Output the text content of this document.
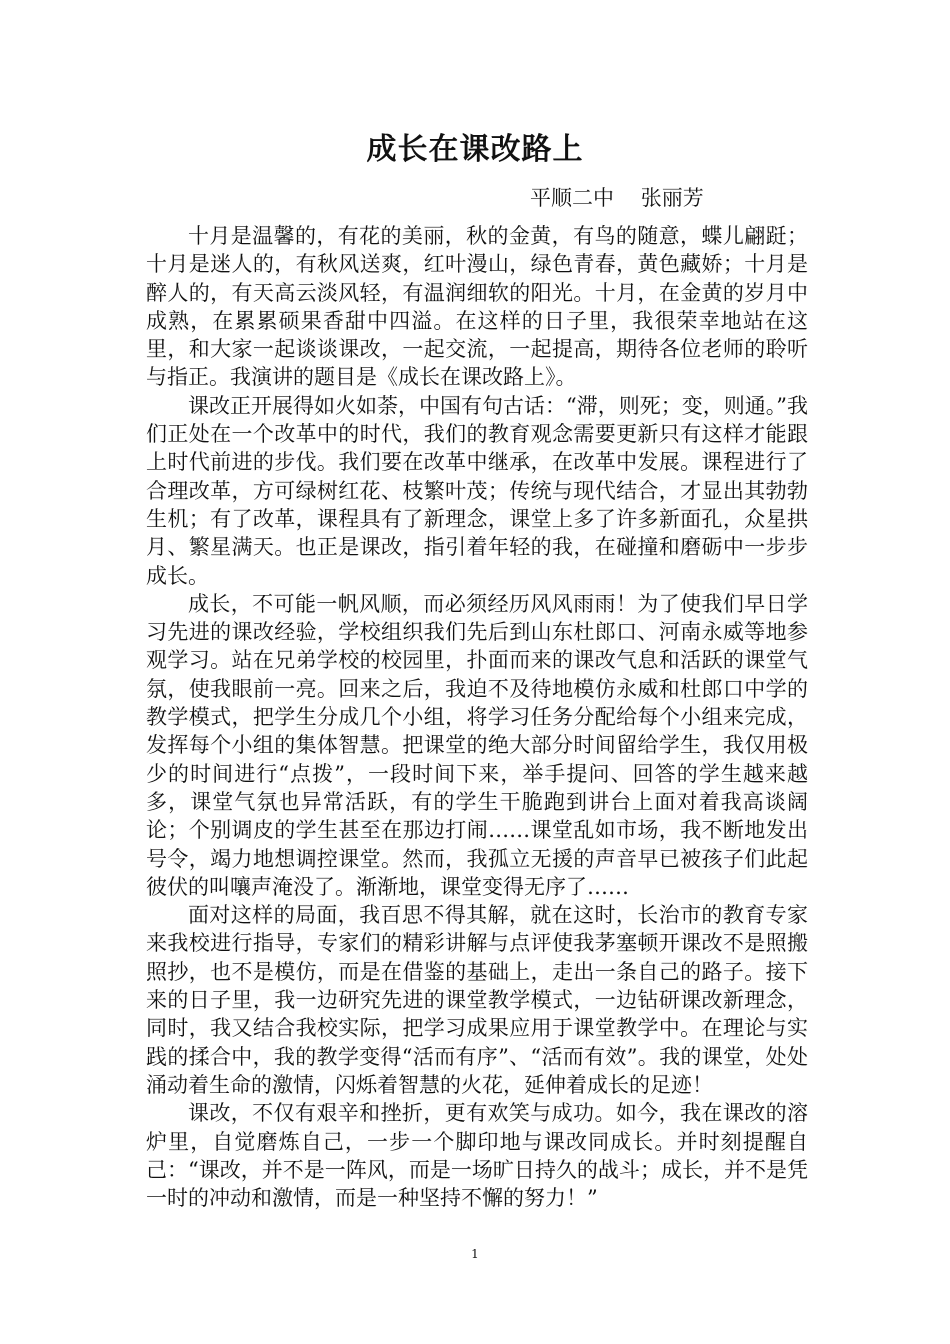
成长在课改路上
平顺二中    张丽芳

十月是温馨的，有花的美丽，秋的金黄，有鸟的随意，蝶儿翩跹；十月是迷人的，有秋风送爽，红叶漫山，绿色青春，黄色藏娇；十月是醉人的，有天高云淡风轻，有温润细软的阳光。十月，在金黄的岁月中成熟，在累累硕果香甜中四溢。在这样的日子里，我很荣幸地站在这里，和大家一起谈谈课改，一起交流，一起提高，期待各位老师的聆听与指正。我演讲的题目是《成长在课改路上》。

课改正开展得如火如荼，中国有句古话：“滞，则死；变，则通。”我们正处在一个改革中的时代，我们的教育观念需要更新只有这样才能跟上时代前进的步伐。我们要在改革中继承，在改革中发展。课程进行了合理改革，方可绿树红花、枝繁叶茂；传统与现代结合，才显出其勃勃生机；有了改革，课程具有了新理念，课堂上多了许多新面孔，众星拱月、繁星满天。也正是课改，指引着年轻的我，在碰撞和磨砺中一步步成长。

成长，不可能一帆风顺，而必须经历风风雨雨！为了使我们早日学习先进的课改经验，学校组织我们先后到山东杜郎口、河南永威等地参观学习。站在兄弟学校的校园里，扑面而来的课改气息和活跃的课堂气氛，使我眼前一亮。回来之后，我迫不及待地模仿永威和杜郎口中学的教学模式，把学生分成几个小组，将学习任务分配给每个小组来完成，发挥每个小组的集体智慧。把课堂的绝大部分时间留给学生，我仅用极少的时间进行“点拨”，一段时间下来，举手提问、回答的学生越来越多，课堂气氛也异常活跃，有的学生干脆跑到讲台上面对着我高谈阔论；个别调皮的学生甚至在那边打闹……课堂乱如市场，我不断地发出号令，竭力地想调控课堂。然而，我孤立无援的声音早已被孩子们此起彼伏的叫嚷声淹没了。渐渐地，课堂变得无序了……

面对这样的局面，我百思不得其解，就在这时，长治市的教育专家来我校进行指导，专家们的精彩讲解与点评使我茅塞顿开课改不是照搬照抄，也不是模仿，而是在借鉴的基础上，走出一条自己的路子。接下来的日子里，我一边研究先进的课堂教学模式，一边钻研课改新理念，同时，我又结合我校实际，把学习成果应用于课堂教学中。在理论与实践的揉合中，我的教学变得“活而有序”、“活而有效”。我的课堂，处处涌动着生命的激情，闪烁着智慧的火花，延伸着成长的足迹！

课改，不仅有艰辛和挫折，更有欢笑与成功。如今，我在课改的溶炉里，自觉磨炼自己，一步一个脚印地与课改同成长。并时刻提醒自己：“课改，并不是一阵风，而是一场旷日持久的战斗；成长，并不是凭一时的冲动和激情，而是一种坚持不懈的努力！”

1
